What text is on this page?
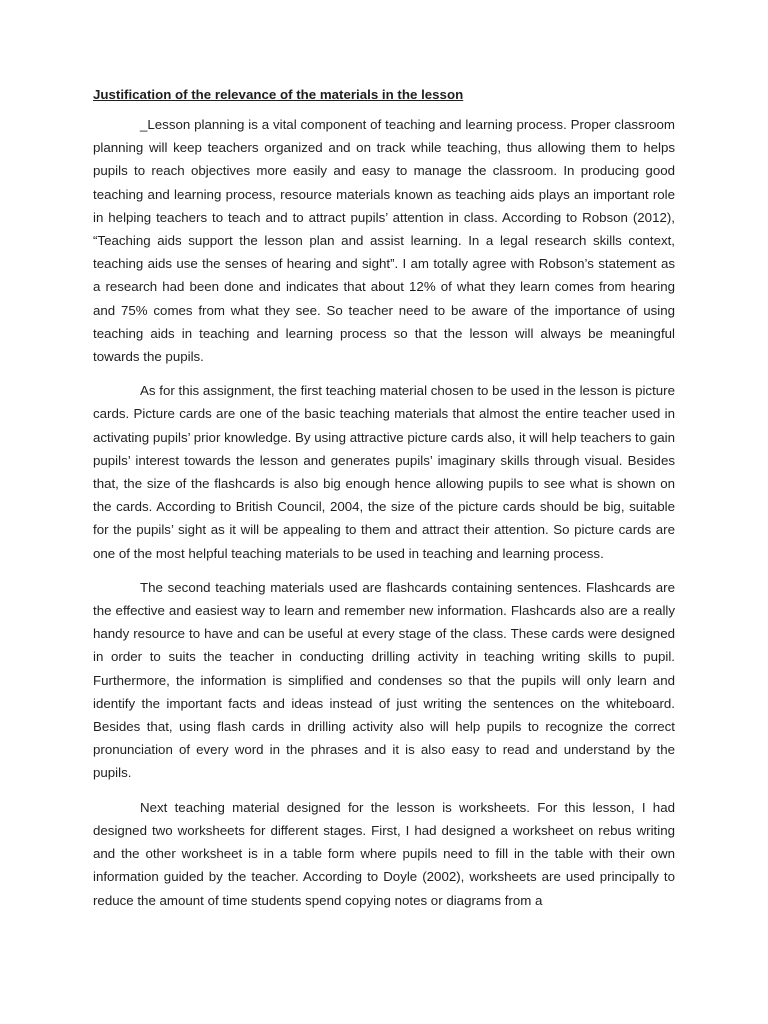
Justification of the relevance of the materials in the lesson

_Lesson planning is a vital component of teaching and learning process. Proper classroom planning will keep teachers organized and on track while teaching, thus allowing them to helps pupils to reach objectives more easily and easy to manage the classroom. In producing good teaching and learning process, resource materials known as teaching aids plays an important role in helping teachers to teach and to attract pupils’ attention in class. According to Robson (2012), “Teaching aids support the lesson plan and assist learning. In a legal research skills context, teaching aids use the senses of hearing and sight”. I am totally agree with Robson’s statement as a research had been done and indicates that about 12% of what they learn comes from hearing and 75% comes from what they see. So teacher need to be aware of the importance of using teaching aids in teaching and learning process so that the lesson will always be meaningful towards the pupils.

As for this assignment, the first teaching material chosen to be used in the lesson is picture cards. Picture cards are one of the basic teaching materials that almost the entire teacher used in activating pupils’ prior knowledge. By using attractive picture cards also, it will help teachers to gain pupils’ interest towards the lesson and generates pupils’ imaginary skills through visual. Besides that, the size of the flashcards is also big enough hence allowing pupils to see what is shown on the cards. According to British Council, 2004, the size of the picture cards should be big, suitable for the pupils’ sight as it will be appealing to them and attract their attention. So picture cards are one of the most helpful teaching materials to be used in teaching and learning process.

The second teaching materials used are flashcards containing sentences. Flashcards are the effective and easiest way to learn and remember new information. Flashcards also are a really handy resource to have and can be useful at every stage of the class. These cards were designed in order to suits the teacher in conducting drilling activity in teaching writing skills to pupil. Furthermore, the information is simplified and condenses so that the pupils will only learn and identify the important facts and ideas instead of just writing the sentences on the whiteboard. Besides that, using flash cards in drilling activity also will help pupils to recognize the correct pronunciation of every word in the phrases and it is also easy to read and understand by the pupils.

Next teaching material designed for the lesson is worksheets. For this lesson, I had designed two worksheets for different stages. First, I had designed a worksheet on rebus writing and the other worksheet is in a table form where pupils need to fill in the table with their own information guided by the teacher. According to Doyle (2002), worksheets are used principally to reduce the amount of time students spend copying notes or diagrams from a
